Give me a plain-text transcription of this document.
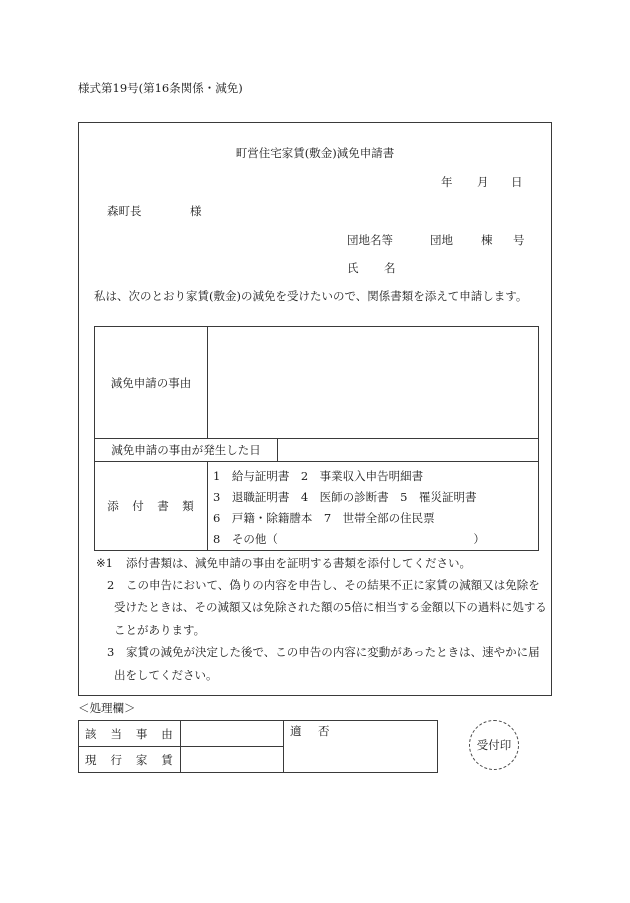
様式第19号(第16条関係・減免)
町営住宅家賃(敷金)減免申請書
年 月 日
森町長	様
団地名等	団地 棟 号
氏 名
私は、次のとおり家賃(敷金)の減免を受けたいので、関係書類を添えて申請します。
減免申請の事由		
減免申請の事由が発生した日		
添　付　書　類	1　給与証明書　2　事業収入申告明細書
3　退職証明書　4　医師の診断書　5　罹災証明書
6　戸籍・除籍謄本　7　世帯全部の住民票
8　その他（　　　　　　　　　　　　　　　　　）	
※1 添付書類は、減免申請の事由を証明する書類を添付してください。
2 この申告において、偽りの内容を申告し、その結果不正に家賃の減額又は免除を
受けたときは、その減額又は免除された額の5倍に相当する金額以下の過料に処する
ことがあります。
3 家賃の減免が決定した後で、この申告の内容に変動があったときは、速やかに届
出をしてください。
＜処理欄＞
該　当　事　由		適　否
現　行　家　賃		
受付印
